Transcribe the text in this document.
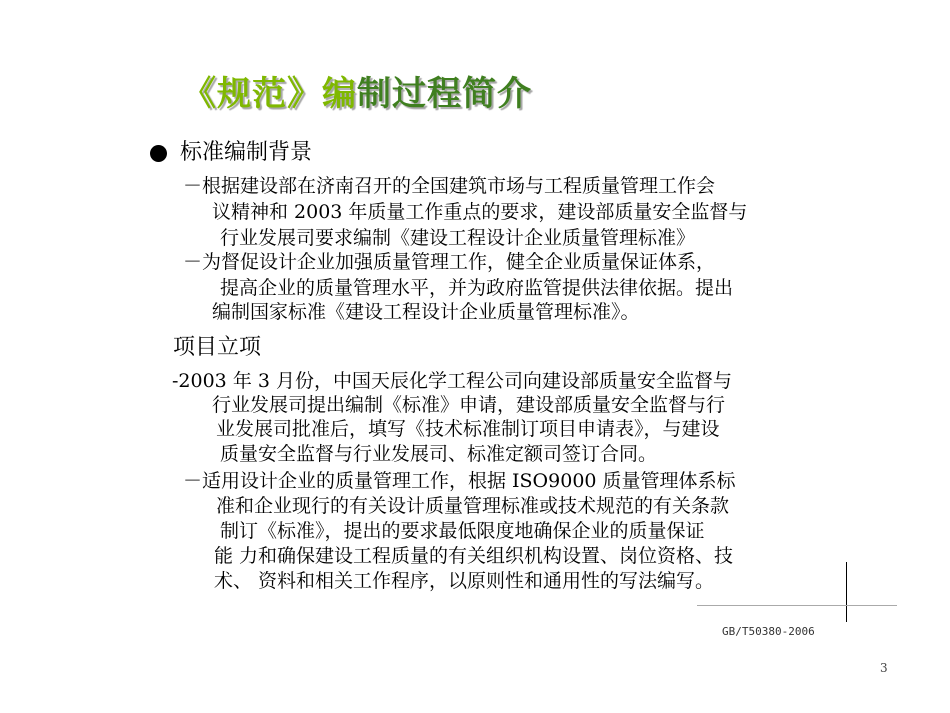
《规范》编制过程简介
标准编制背景
－根据建设部在济南召开的全国建筑市场与工程质量管理工作会
议精神和 2003 年质量工作重点的要求，建设部质量安全监督与
行业发展司要求编制《建设工程设计企业质量管理标准》
－为督促设计企业加强质量管理工作，健全企业质量保证体系，
提高企业的质量管理水平，并为政府监管提供法律依据。提出
编制国家标准《建设工程设计企业质量管理标准》。
项目立项
-2003 年 3 月份，中国天辰化学工程公司向建设部质量安全监督与
行业发展司提出编制《标准》申请，建设部质量安全监督与行
业发展司批准后，填写《技术标准制订项目申请表》，与建设
质量安全监督与行业发展司、标准定额司签订合同。
－适用设计企业的质量管理工作，根据 ISO9000 质量管理体系标
准和企业现行的有关设计质量管理标准或技术规范的有关条款
制订《标准》，提出的要求最低限度地确保企业的质量保证
能 力和确保建设工程质量的有关组织机构设置、岗位资格、技
术、 资料和相关工作程序，以原则性和通用性的写法编写。
GB/T50380-2006
3
